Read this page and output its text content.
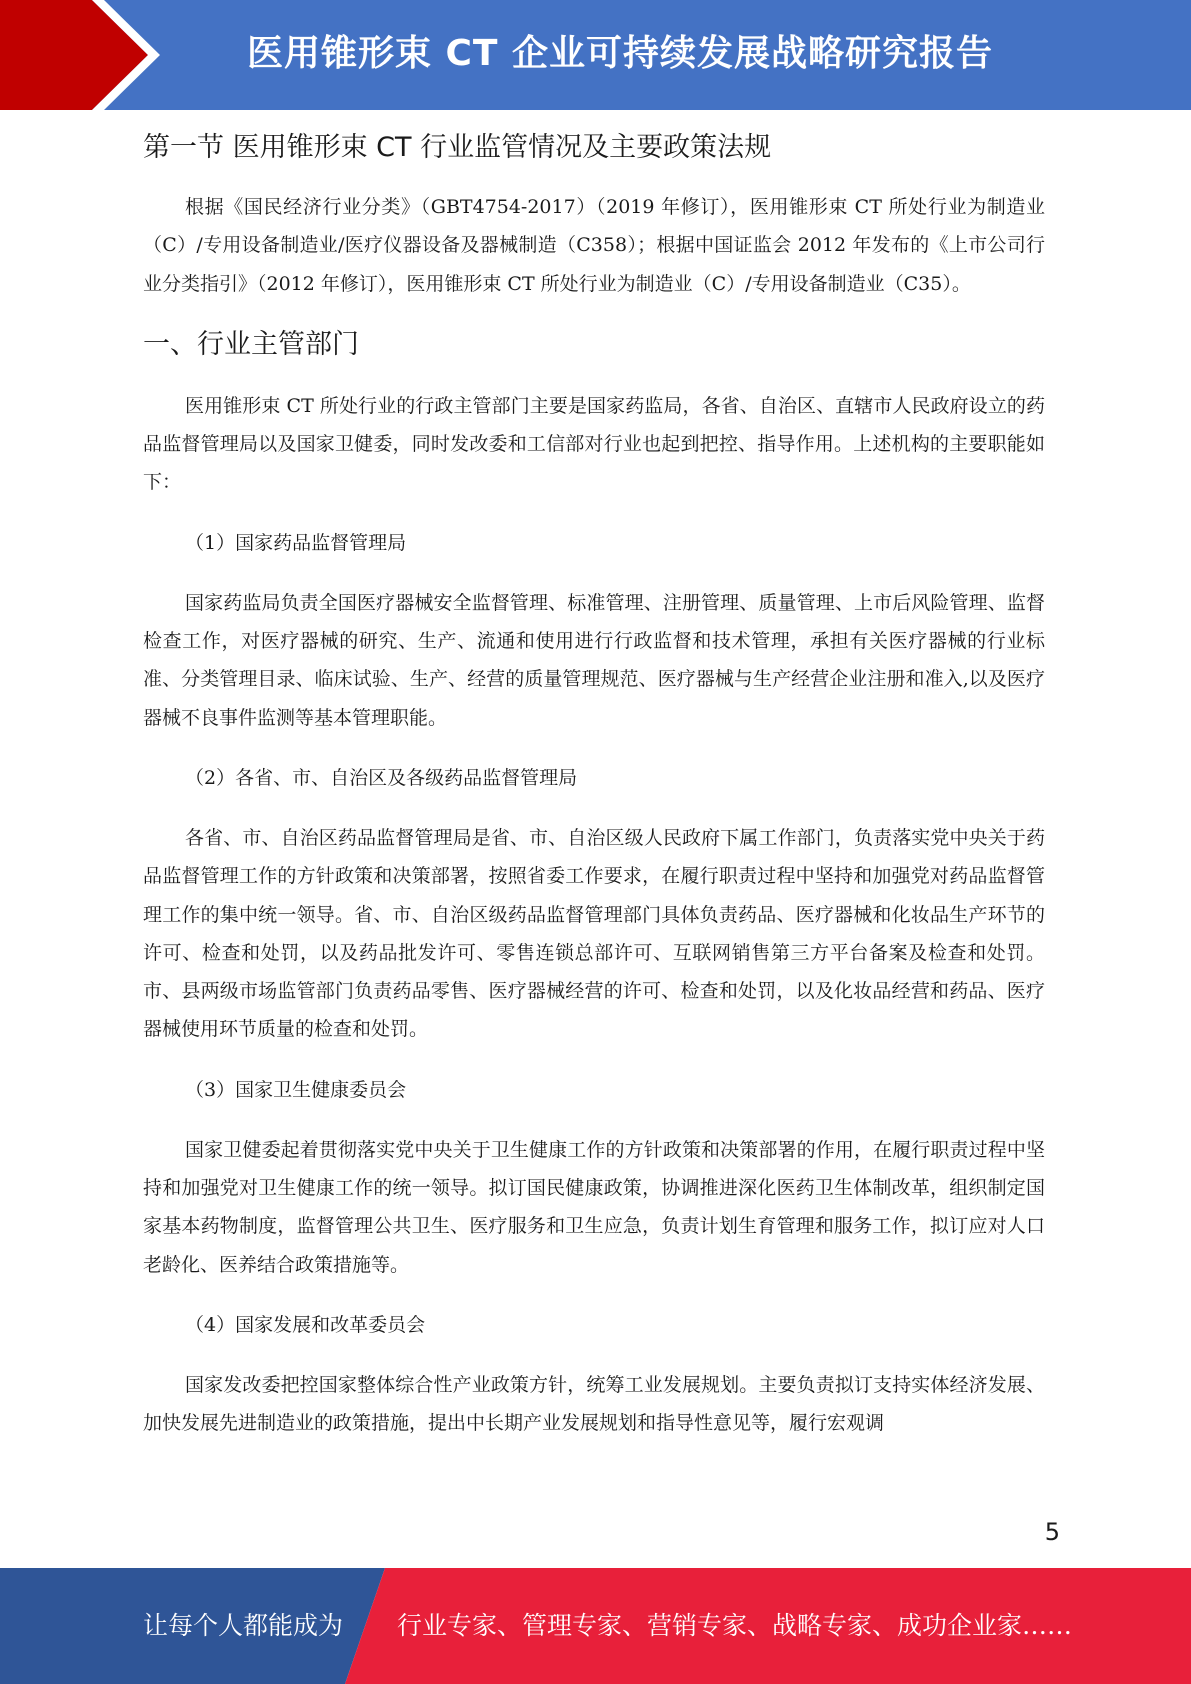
医用锥形束 CT 企业可持续发展战略研究报告
第一节 医用锥形束 CT 行业监管情况及主要政策法规

根据《国民经济行业分类》（GBT4754-2017）（2019 年修订），医用锥形束 CT 所处行业为制造业（C）/专用设备制造业/医疗仪器设备及器械制造（C358）；根据中国证监会 2012 年发布的《上市公司行业分类指引》（2012 年修订），医用锥形束 CT 所处行业为制造业（C）/专用设备制造业（C35）。

一、行业主管部门

医用锥形束 CT 所处行业的行政主管部门主要是国家药监局，各省、自治区、直辖市人民政府设立的药品监督管理局以及国家卫健委，同时发改委和工信部对行业也起到把控、指导作用。上述机构的主要职能如下：

（1）国家药品监督管理局

国家药监局负责全国医疗器械安全监督管理、标准管理、注册管理、质量管理、上市后风险管理、监督检查工作，对医疗器械的研究、生产、流通和使用进行行政监督和技术管理，承担有关医疗器械的行业标准、分类管理目录、临床试验、生产、经营的质量管理规范、医疗器械与生产经营企业注册和准入,以及医疗器械不良事件监测等基本管理职能。

（2）各省、市、自治区及各级药品监督管理局

各省、市、自治区药品监督管理局是省、市、自治区级人民政府下属工作部门，负责落实党中央关于药品监督管理工作的方针政策和决策部署，按照省委工作要求，在履行职责过程中坚持和加强党对药品监督管理工作的集中统一领导。省、市、自治区级药品监督管理部门具体负责药品、医疗器械和化妆品生产环节的许可、检查和处罚，以及药品批发许可、零售连锁总部许可、互联网销售第三方平台备案及检查和处罚。市、县两级市场监管部门负责药品零售、医疗器械经营的许可、检查和处罚，以及化妆品经营和药品、医疗器械使用环节质量的检查和处罚。

（3）国家卫生健康委员会

国家卫健委起着贯彻落实党中央关于卫生健康工作的方针政策和决策部署的作用，在履行职责过程中坚持和加强党对卫生健康工作的统一领导。拟订国民健康政策，协调推进深化医药卫生体制改革，组织制定国家基本药物制度，监督管理公共卫生、医疗服务和卫生应急，负责计划生育管理和服务工作，拟订应对人口老龄化、医养结合政策措施等。

（4）国家发展和改革委员会

国家发改委把控国家整体综合性产业政策方针，统筹工业发展规划。主要负责拟订支持实体经济发展、加快发展先进制造业的政策措施，提出中长期产业发展规划和指导性意见等，履行宏观调

5
让每个人都能成为 行业专家、管理专家、营销专家、战略专家、成功企业家……
